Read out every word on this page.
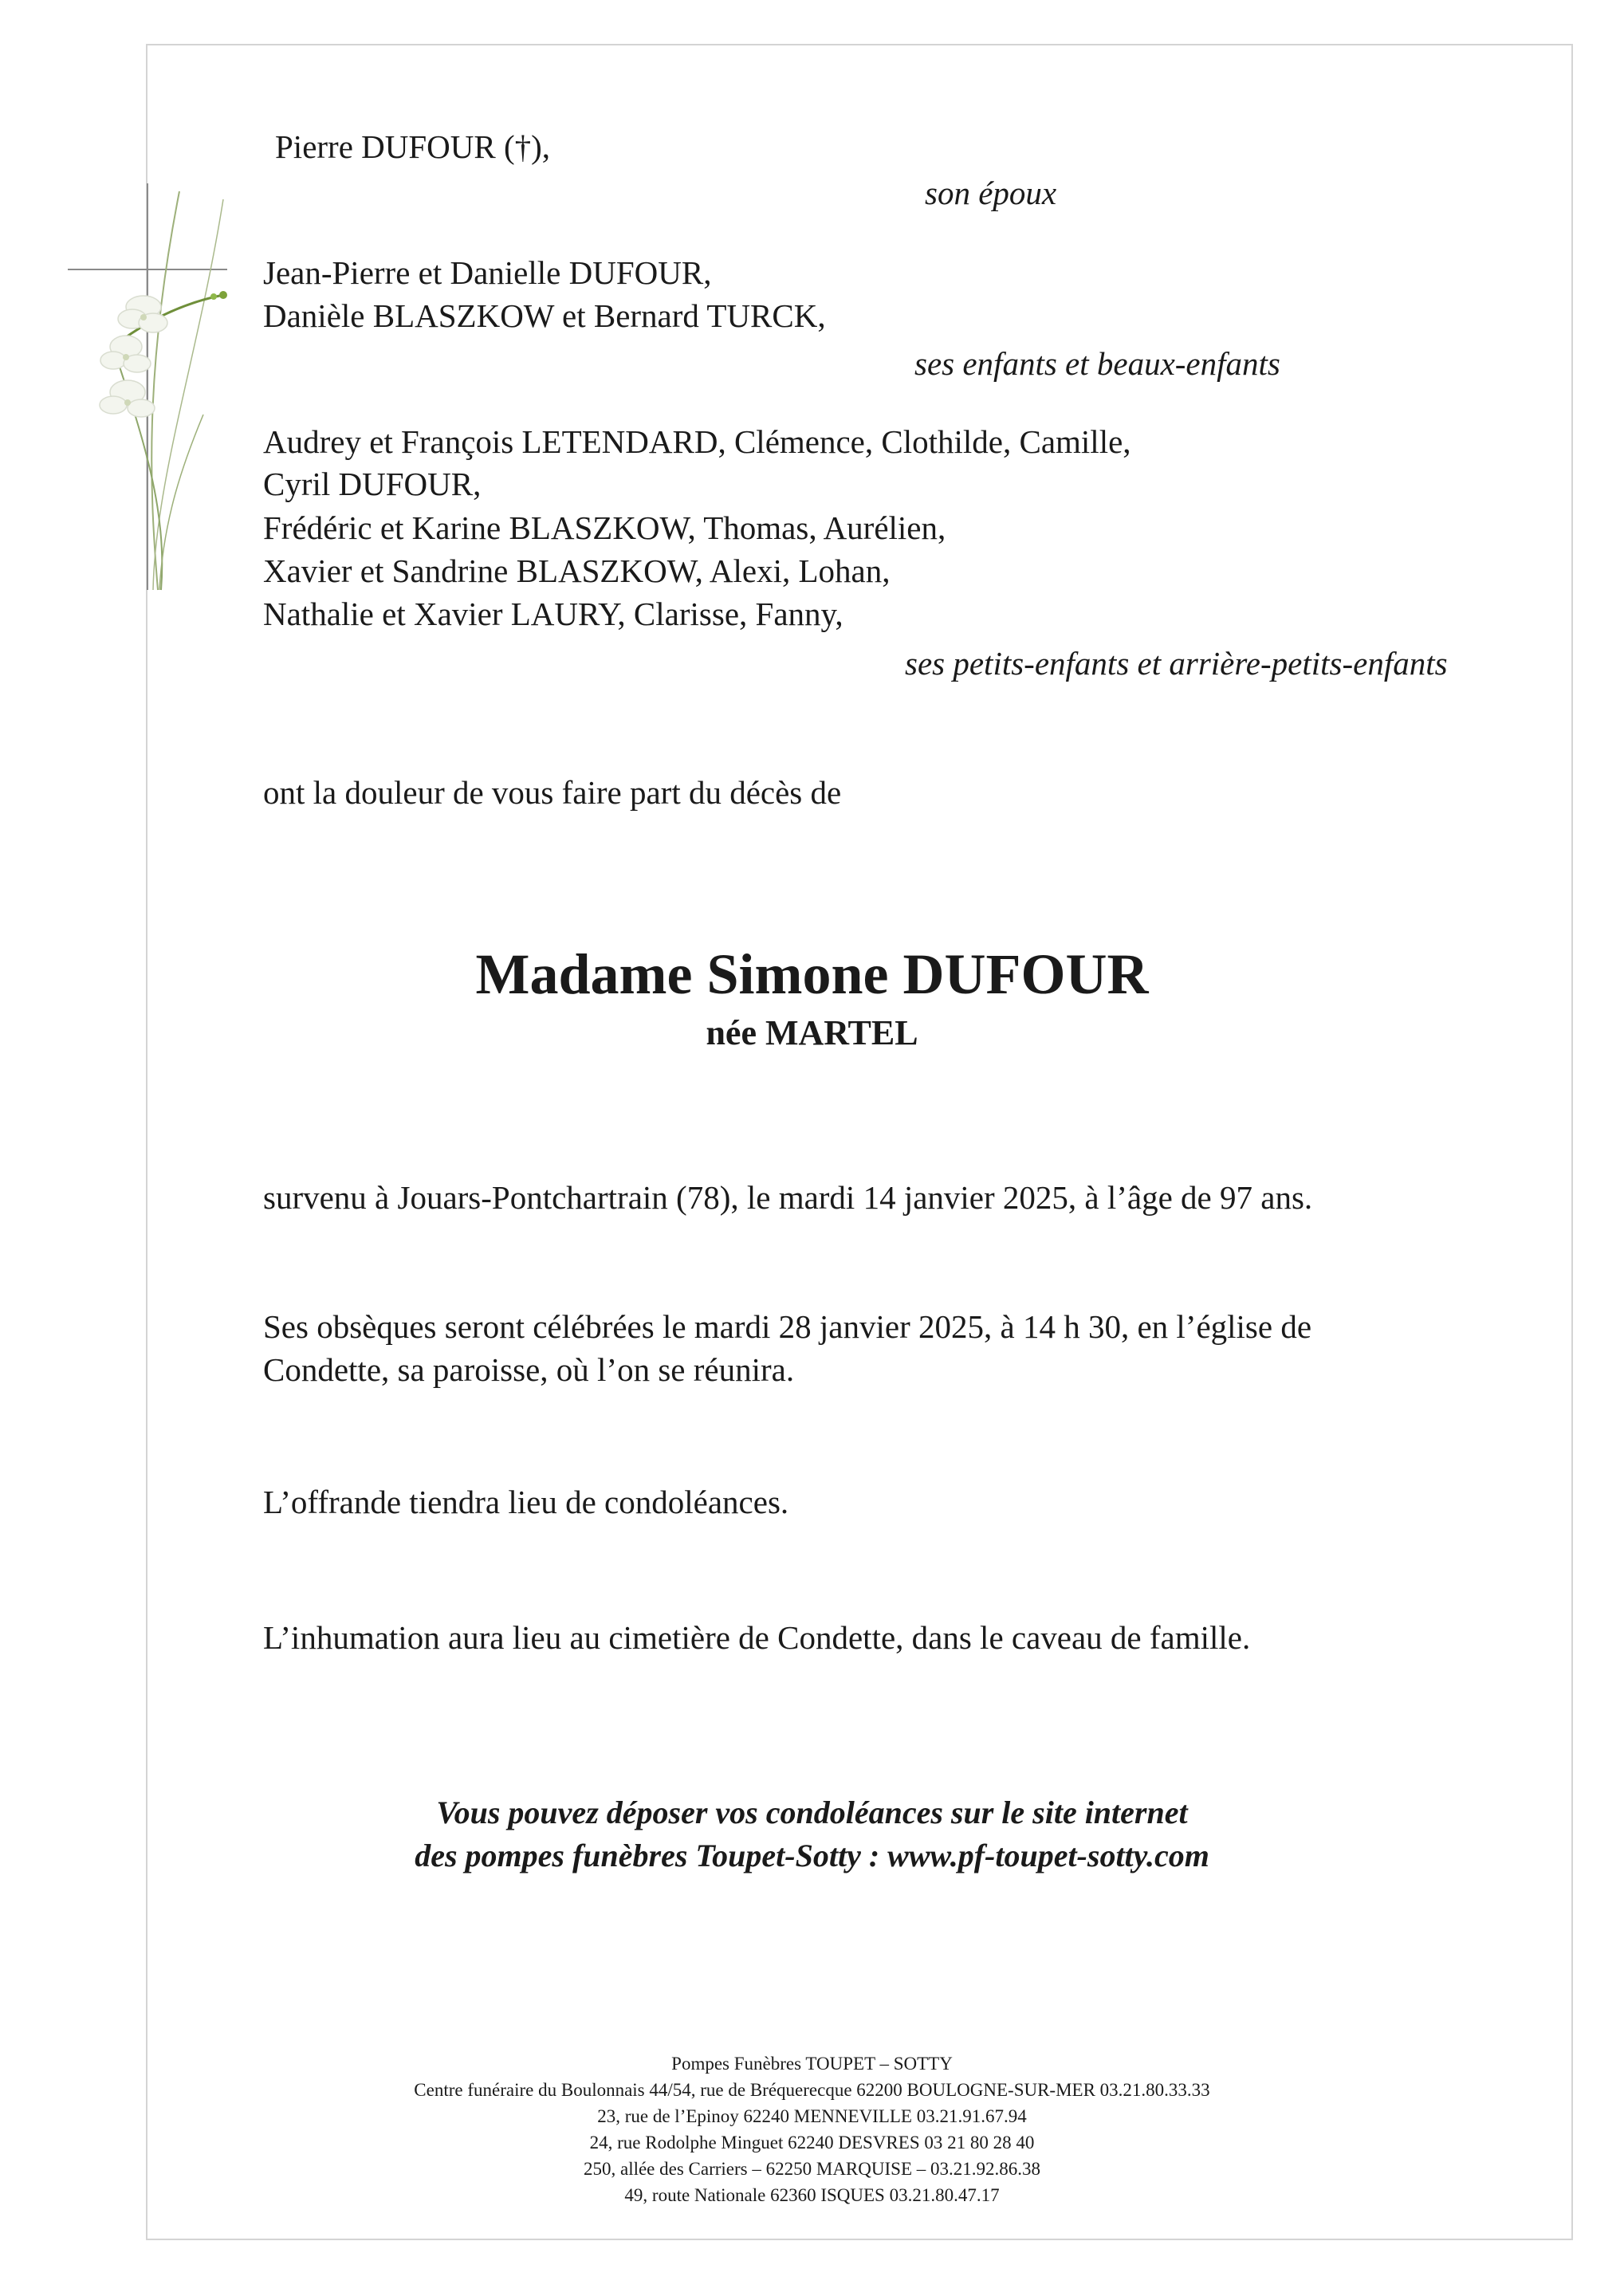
Pierre DUFOUR (†),
son époux
Jean-Pierre et Danielle DUFOUR,
Danièle BLASZKOW et Bernard TURCK,
ses enfants et beaux-enfants
Audrey et François LETENDARD, Clémence, Clothilde, Camille,
Cyril DUFOUR,
Frédéric et Karine BLASZKOW, Thomas, Aurélien,
Xavier et Sandrine BLASZKOW, Alexi, Lohan,
Nathalie et Xavier LAURY, Clarisse, Fanny,
ses petits-enfants et arrière-petits-enfants
ont la douleur de vous faire part du décès de
Madame Simone DUFOUR
née MARTEL
survenu à Jouars-Pontchartrain (78), le mardi 14 janvier 2025, à l’âge de 97 ans.
Ses obsèques seront célébrées le mardi 28 janvier 2025, à 14 h 30, en l’église de
Condette, sa paroisse, où l’on se réunira.
L’offrande tiendra lieu de condoléances.
L’inhumation aura lieu au cimetière de Condette, dans le caveau de famille.
Vous pouvez déposer vos condoléances sur le site internet
des pompes funèbres Toupet-Sotty : www.pf-toupet-sotty.com
Pompes Funèbres TOUPET – SOTTY
Centre funéraire du Boulonnais 44/54, rue de Bréquerecque 62200 BOULOGNE-SUR-MER 03.21.80.33.33
23, rue de l’Epinoy 62240 MENNEVILLE 03.21.91.67.94
24, rue Rodolphe Minguet 62240 DESVRES 03 21 80 28 40
250, allée des Carriers – 62250 MARQUISE – 03.21.92.86.38
49, route Nationale 62360 ISQUES 03.21.80.47.17
